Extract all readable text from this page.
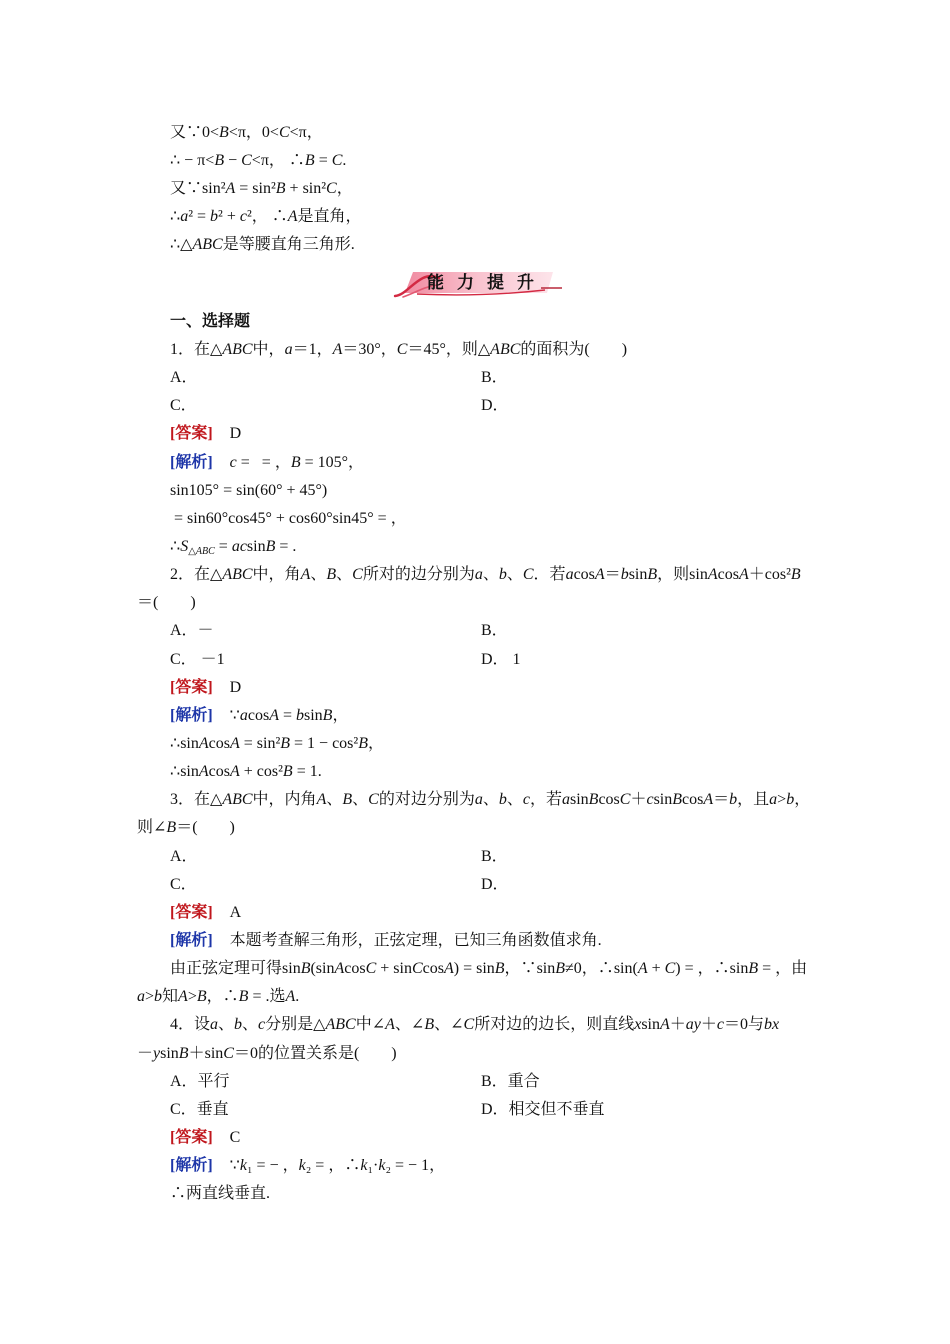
又∵0<B<π，0<C<π，
∴ − π<B − C<π， ∴B = C.
又∵sin²A = sin²B + sin²C，
∴a² = b² + c²， ∴A是直角，
∴△ABC是等腰直角三角形.
能力提升
一、选择题
1．在△ABC中，a＝1，A＝30°，C＝45°，则△ABC的面积为(　　)
A．	B．
C．	D．
[答案] D
[解析] c =   = ，B = 105°，
sin105° = sin(60° + 45°)
= sin60°cos45° + cos60°sin45° = ，
$\therefore S_{\triangle ABC} = acsinB$ = .
2．在△ABC中，角A、B、C所对的边分别为a、b、C．若acosA＝bsinB，则sinAcosA＋cos²B
＝(　　)
A．－	B．
C． －1	D． 1
[答案] D
[解析] ∵acosA = bsinB，
∴sinAcosA = sin²B = 1 − cos²B，
∴sinAcosA + cos²B = 1.
3．在△ABC中，内角A、B、C的对边分别为a、b、c，若asinBcosC＋csinBcosA＝b，且a>b，
则∠B＝(　　)
A．	B．
C．	D．
[答案] A
[解析] 本题考查解三角形，正弦定理，已知三角函数值求角.
由正弦定理可得sinB(sinAcosC + sinCcosA) = sinB，∵sinB≠0，∴sin(A + C) = ，∴sinB = ，由
a>b知A>B，∴B = .选A.
4．设a、b、c分别是△ABC中∠A、∠B、∠C所对边的边长，则直线xsinA＋ay＋c＝0与bx
－ysinB＋sinC＝0的位置关系是(　　)
A．平行	B．重合
C．垂直	D．相交但不垂直
[答案] C
[解析] ∵k₁ = − ，k₂ = ，∴k₁·k₂ = − 1，
∴两直线垂直.
